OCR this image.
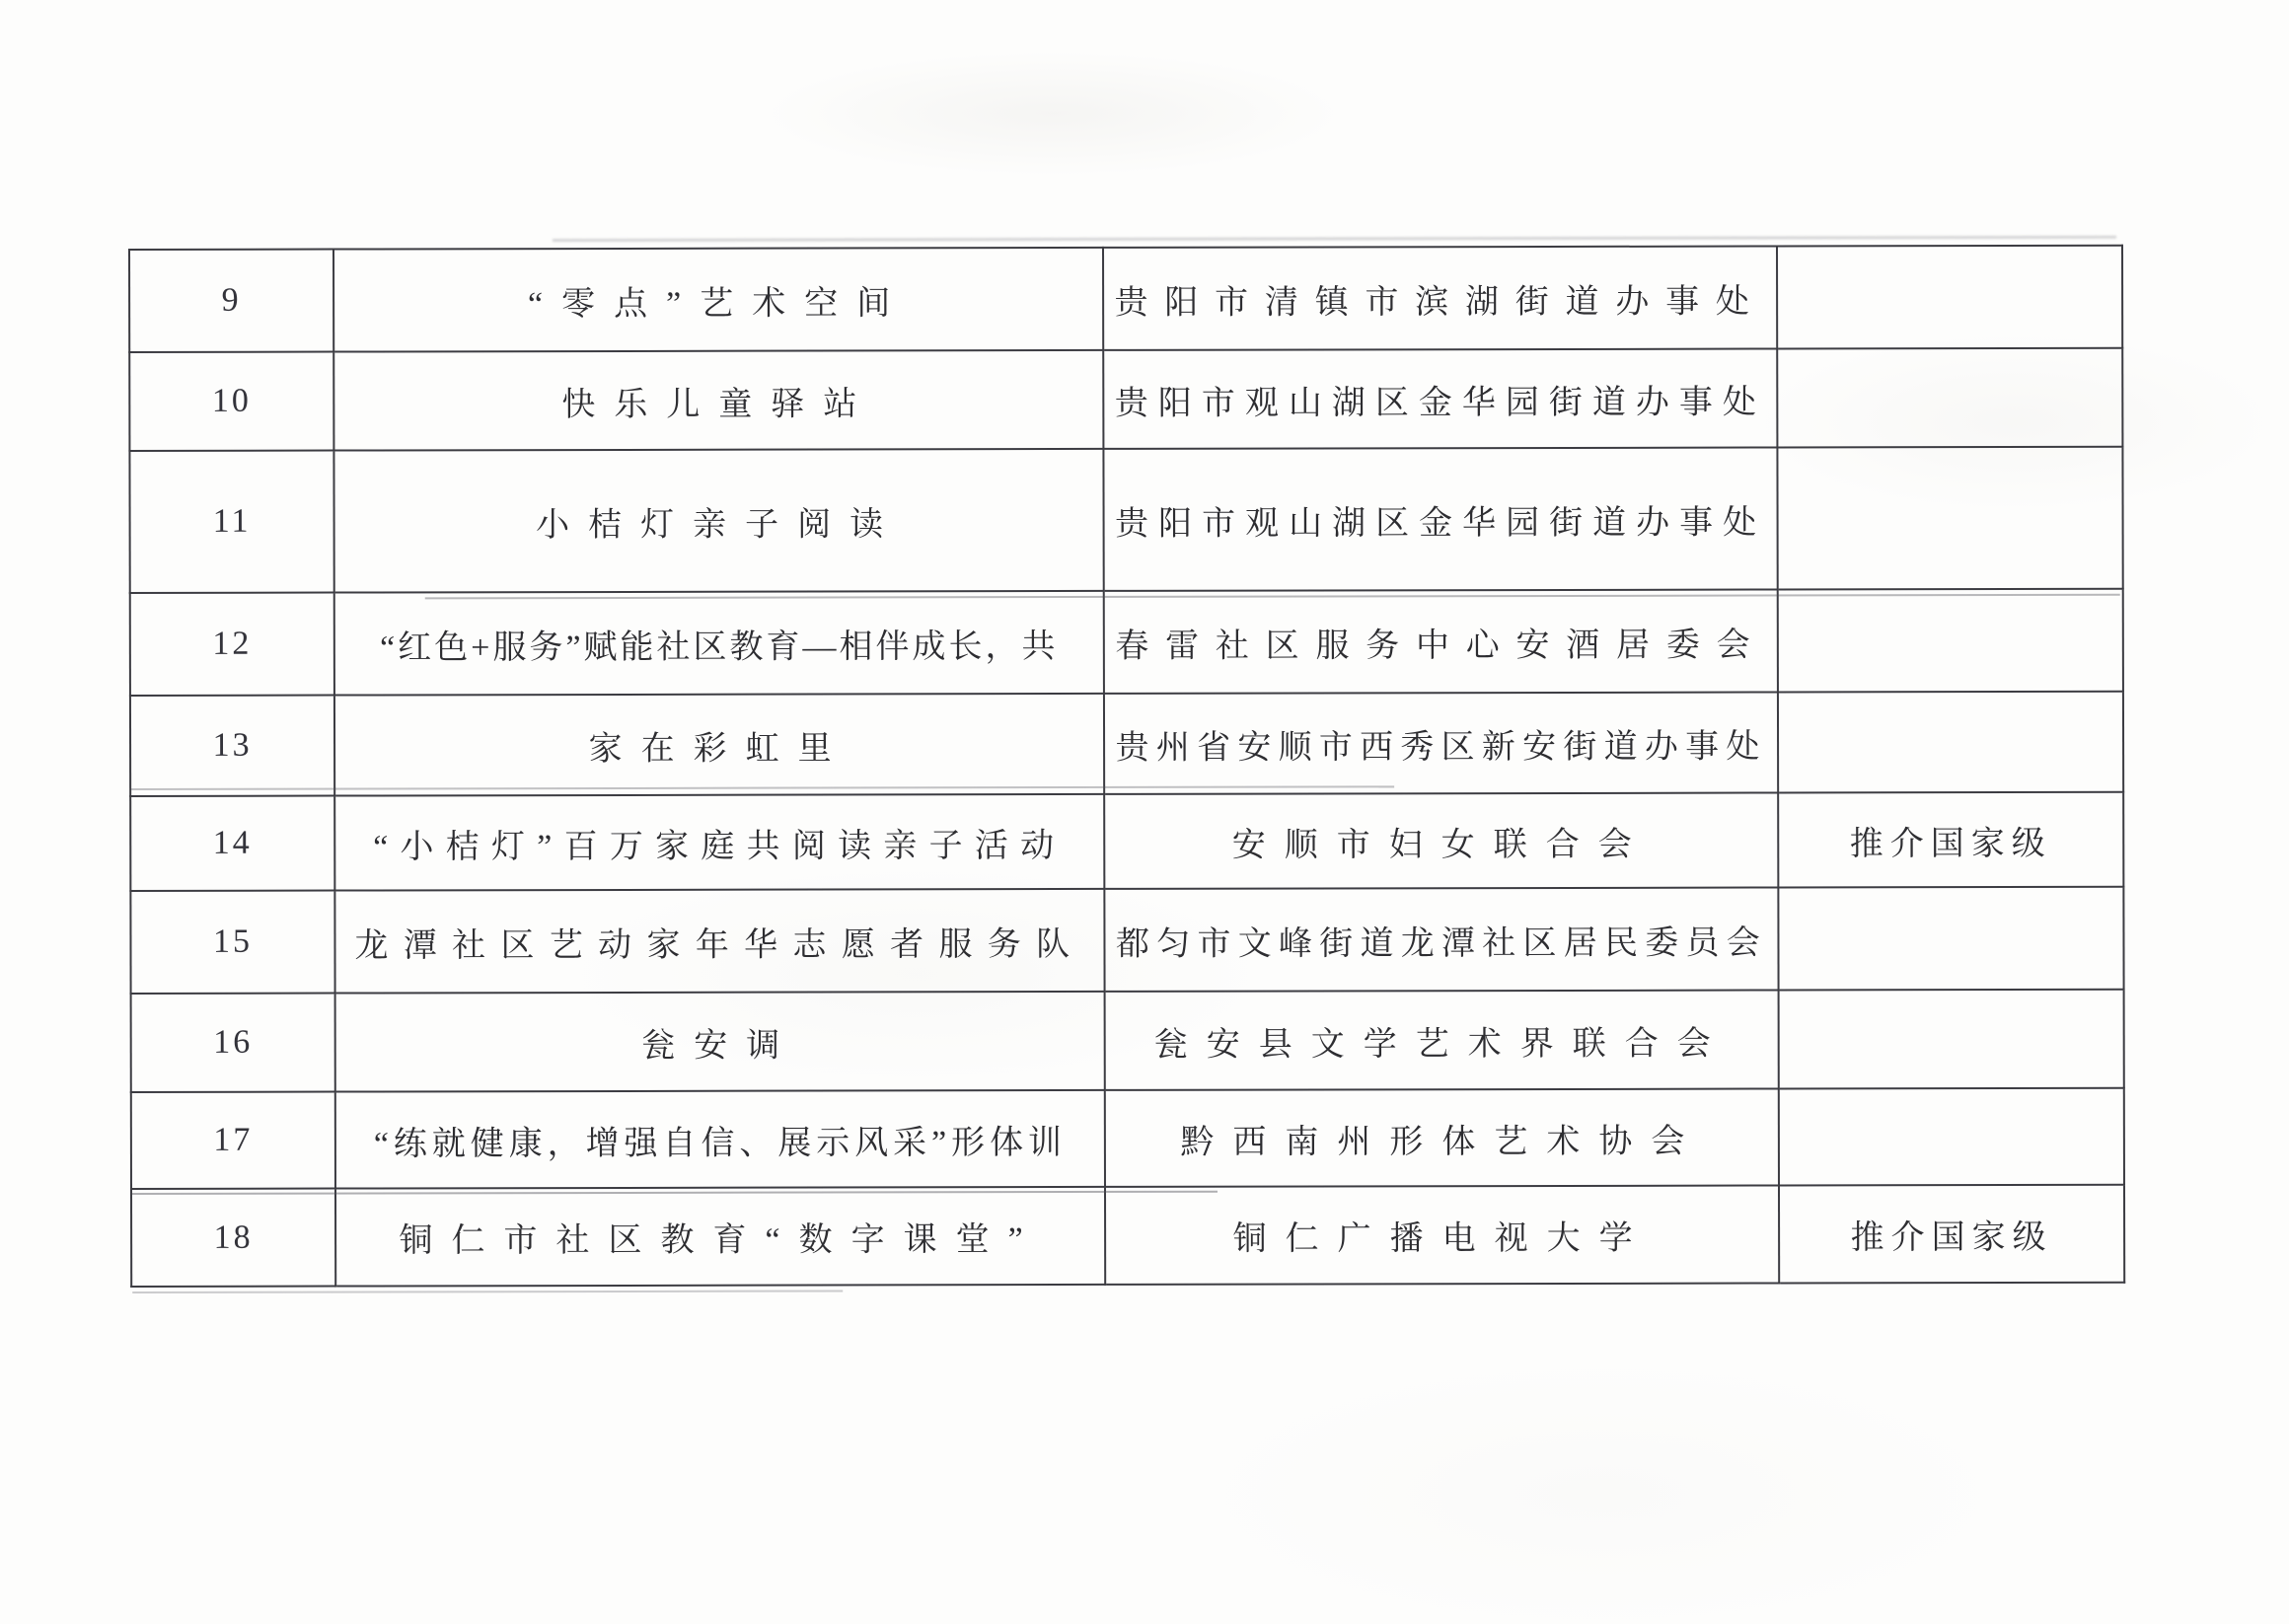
9	“零点”艺术空间	贵阳市清镇市滨湖街道办事处	
10	快乐儿童驿站	贵阳市观山湖区金华园街道办事处	
11	小桔灯亲子阅读	贵阳市观山湖区金华园街道办事处	
12	“红色+服务”赋能社区教育—相伴成长，共	春雷社区服务中心安酒居委会	
13	家在彩虹里	贵州省安顺市西秀区新安街道办事处	
14	“小桔灯”百万家庭共阅读亲子活动	安顺市妇女联合会	推介国家级
15	龙潭社区艺动家年华志愿者服务队	都匀市文峰街道龙潭社区居民委员会	
16	瓮安调	瓮安县文学艺术界联合会	
17	“练就健康，增强自信、展示风采”形体训	黔西南州形体艺术协会	
18	铜仁市社区教育“数字课堂”	铜仁广播电视大学	推介国家级
